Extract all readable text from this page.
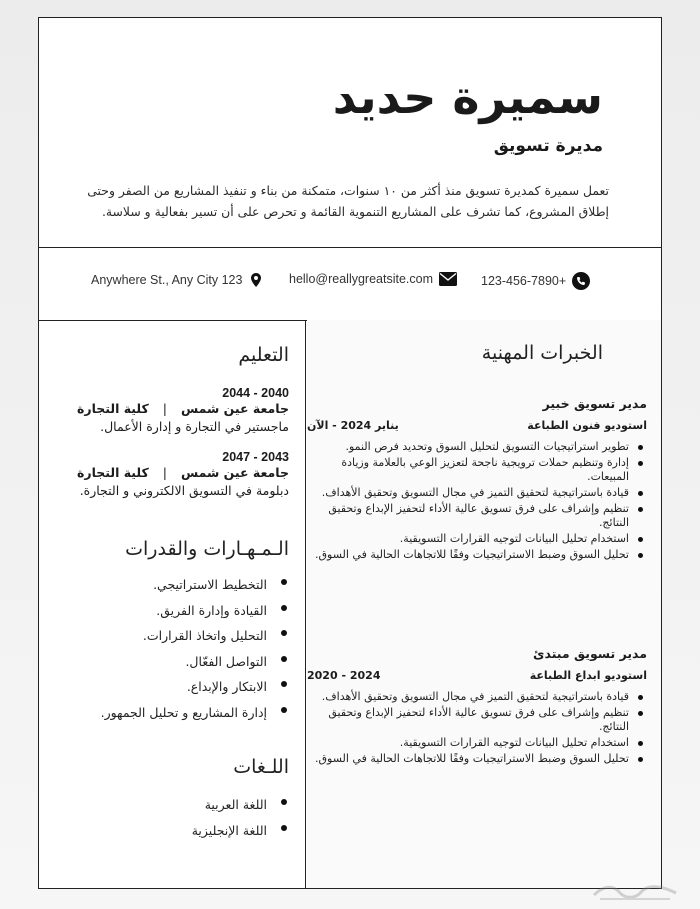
سميرة حديد
مديرة تسويق
تعمل سميرة كمديرة تسويق منذ أكثر من ١٠ سنوات، متمكنة من بناء و تنفيذ المشاريع من الصفر وحتى إطلاق المشروع، كما تشرف على المشاريع التنموية القائمة و تحرص على أن تسير بفعالية و سلاسة.
Anywhere St., Any City 123	hello@reallygreatsite.com	123-456-7890+
التعليم
2044 - 2040
جامعة عين شمس|كلية التجارة
ماجستير في التجارة و إدارة الأعمال.
2047 - 2043
جامعة عين شمس|كلية التجارة
دبلومة في التسويق الالكتروني و التجارة.
الـمـهـارات والقدرات
التخطيط الاستراتيجي.
القيادة وإدارة الفريق.
التحليل واتخاذ القرارات.
التواصل الفعّال.
الابتكار والإبداع.
إدارة المشاريع و تحليل الجمهور.
اللـغات
اللغة العربية
اللغة الإنجليزية
الخبرات المهنية
مدير تسويق خبير
استوديو فنون الطباعة
يناير 2024 - الآن
تطوير استراتيجيات التسويق لتحليل السوق وتحديد فرص النمو.
إدارة وتنظيم حملات ترويجية ناجحة لتعزيز الوعي بالعلامة وزيادة المبيعات.
قيادة باستراتيجية لتحقيق التميز في مجال التسويق وتحقيق الأهداف.
تنظيم وإشراف على فرق تسويق عالية الأداء لتحفيز الإبداع وتحقيق النتائج.
استخدام تحليل البيانات لتوجيه القرارات التسويقية.
تحليل السوق وضبط الاستراتيجيات وفقًا للاتجاهات الحالية في السوق.
مدير تسويق مبتدئ
استوديو ابداع الطباعة
2024 - 2020
قيادة باستراتيجية لتحقيق التميز في مجال التسويق وتحقيق الأهداف.
تنظيم وإشراف على فرق تسويق عالية الأداء لتحفيز الإبداع وتحقيق النتائج.
استخدام تحليل البيانات لتوجيه القرارات التسويقية.
تحليل السوق وضبط الاستراتيجيات وفقًا للاتجاهات الحالية في السوق.
